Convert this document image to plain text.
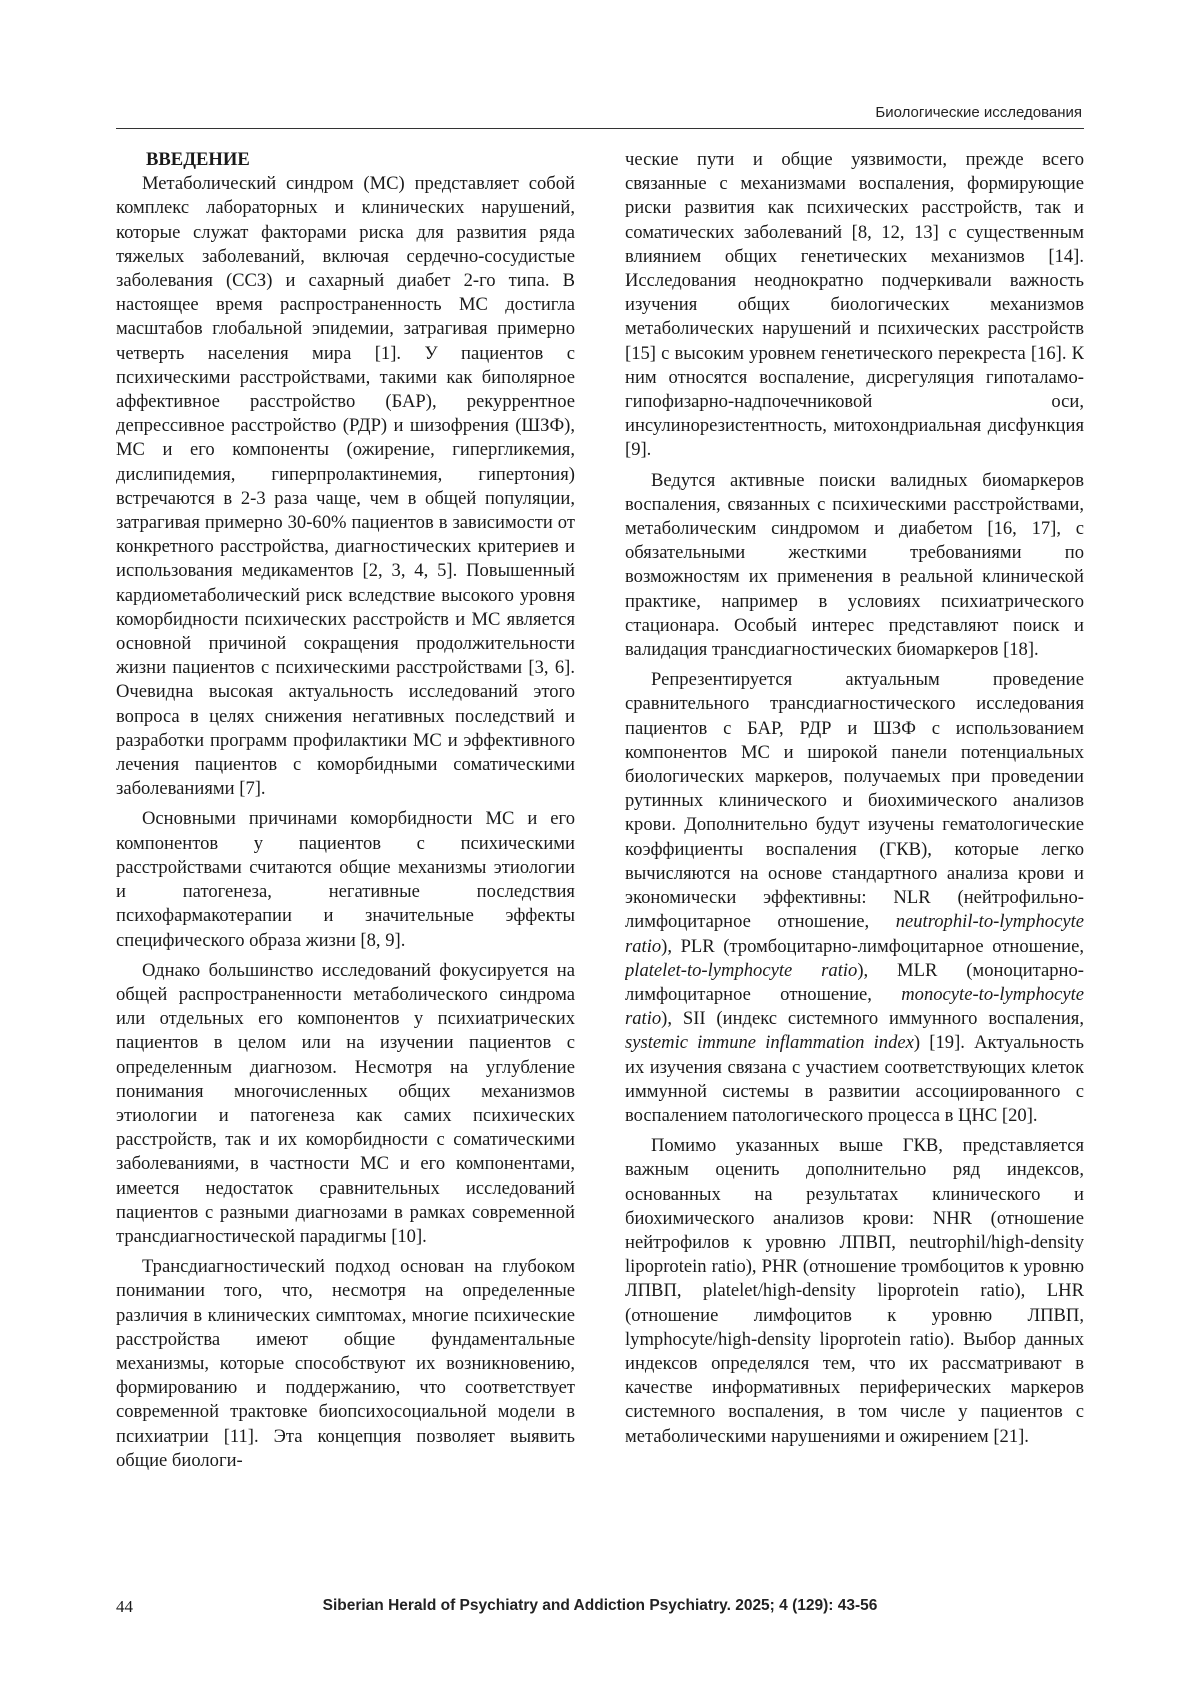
Биологические исследования
ВВЕДЕНИЕ

Метаболический синдром (МС) представляет собой комплекс лабораторных и клинических нарушений, которые служат факторами риска для развития ряда тяжелых заболеваний, включая сердечно-сосудистые заболевания (ССЗ) и сахарный диабет 2-го типа. В настоящее время распространенность МС достигла масштабов глобальной эпидемии, затрагивая примерно четверть населения мира [1]. У пациентов с психическими расстройствами, такими как биполярное аффективное расстройство (БАР), рекуррентное депрессивное расстройство (РДР) и шизофрения (ШЗФ), МС и его компоненты (ожирение, гипергликемия, дислипидемия, гиперпролактинемия, гипертония) встречаются в 2-3 раза чаще, чем в общей популяции, затрагивая примерно 30-60% пациентов в зависимости от конкретного расстройства, диагностических критериев и использования медикаментов [2, 3, 4, 5]. Повышенный кардиометаболический риск вследствие высокого уровня коморбидности психических расстройств и МС является основной причиной сокращения продолжительности жизни пациентов с психическими расстройствами [3, 6]. Очевидна высокая актуальность исследований этого вопроса в целях снижения негативных последствий и разработки программ профилактики МС и эффективного лечения пациентов с коморбидными соматическими заболеваниями [7].

Основными причинами коморбидности МС и его компонентов у пациентов с психическими расстройствами считаются общие механизмы этиологии и патогенеза, негативные последствия психофармакотерапии и значительные эффекты специфического образа жизни [8, 9].

Однако большинство исследований фокусируется на общей распространенности метаболического синдрома или отдельных его компонентов у психиатрических пациентов в целом или на изучении пациентов с определенным диагнозом. Несмотря на углубление понимания многочисленных общих механизмов этиологии и патогенеза как самих психических расстройств, так и их коморбидности с соматическими заболеваниями, в частности МС и его компонентами, имеется недостаток сравнительных исследований пациентов с разными диагнозами в рамках современной трансдиагностической парадигмы [10].

Трансдиагностический подход основан на глубоком понимании того, что, несмотря на определенные различия в клинических симптомах, многие психические расстройства имеют общие фундаментальные механизмы, которые способствуют их возникновению, формированию и поддержанию, что соответствует современной трактовке биопсихосоциальной модели в психиатрии [11]. Эта концепция позволяет выявить общие биологи-

ческие пути и общие уязвимости, прежде всего связанные с механизмами воспаления, формирующие риски развития как психических расстройств, так и соматических заболеваний [8, 12, 13] с существенным влиянием общих генетических механизмов [14]. Исследования неоднократно подчеркивали важность изучения общих биологических механизмов метаболических нарушений и психических расстройств [15] с высоким уровнем генетического перекреста [16]. К ним относятся воспаление, дисрегуляция гипоталамо-гипофизарно-надпочечниковой оси, инсулинорезистентность, митохондриальная дисфункция [9].

Ведутся активные поиски валидных биомаркеров воспаления, связанных с психическими расстройствами, метаболическим синдромом и диабетом [16, 17], с обязательными жесткими требованиями по возможностям их применения в реальной клинической практике, например в условиях психиатрического стационара. Особый интерес представляют поиск и валидация трансдиагностических биомаркеров [18].

Репрезентируется актуальным проведение сравнительного трансдиагностического исследования пациентов с БАР, РДР и ШЗФ с использованием компонентов МС и широкой панели потенциальных биологических маркеров, получаемых при проведении рутинных клинического и биохимического анализов крови. Дополнительно будут изучены гематологические коэффициенты воспаления (ГКВ), которые легко вычисляются на основе стандартного анализа крови и экономически эффективны: NLR (нейтрофильно-лимфоцитарное отношение, neutrophil-to-lymphocyte ratio), PLR (тромбоцитарно-лимфоцитарное отношение, platelet-to-lymphocyte ratio), MLR (моноцитарно-лимфоцитарное отношение, monocyte-to-lymphocyte ratio), SII (индекс системного иммунного воспаления, systemic immune inflammation index) [19]. Актуальность их изучения связана с участием соответствующих клеток иммунной системы в развитии ассоциированного с воспалением патологического процесса в ЦНС [20].

Помимо указанных выше ГКВ, представляется важным оценить дополнительно ряд индексов, основанных на результатах клинического и биохимического анализов крови: NHR (отношение нейтрофилов к уровню ЛПВП, neutrophil/high-density lipoprotein ratio), PHR (отношение тромбоцитов к уровню ЛПВП, platelet/high-density lipoprotein ratio), LHR (отношение лимфоцитов к уровню ЛПВП, lymphocyte/high-density lipoprotein ratio). Выбор данных индексов определялся тем, что их рассматривают в качестве информативных периферических маркеров системного воспаления, в том числе у пациентов с метаболическими нарушениями и ожирением [21].

44	Siberian Herald of Psychiatry and Addiction Psychiatry. 2025; 4 (129): 43-56
